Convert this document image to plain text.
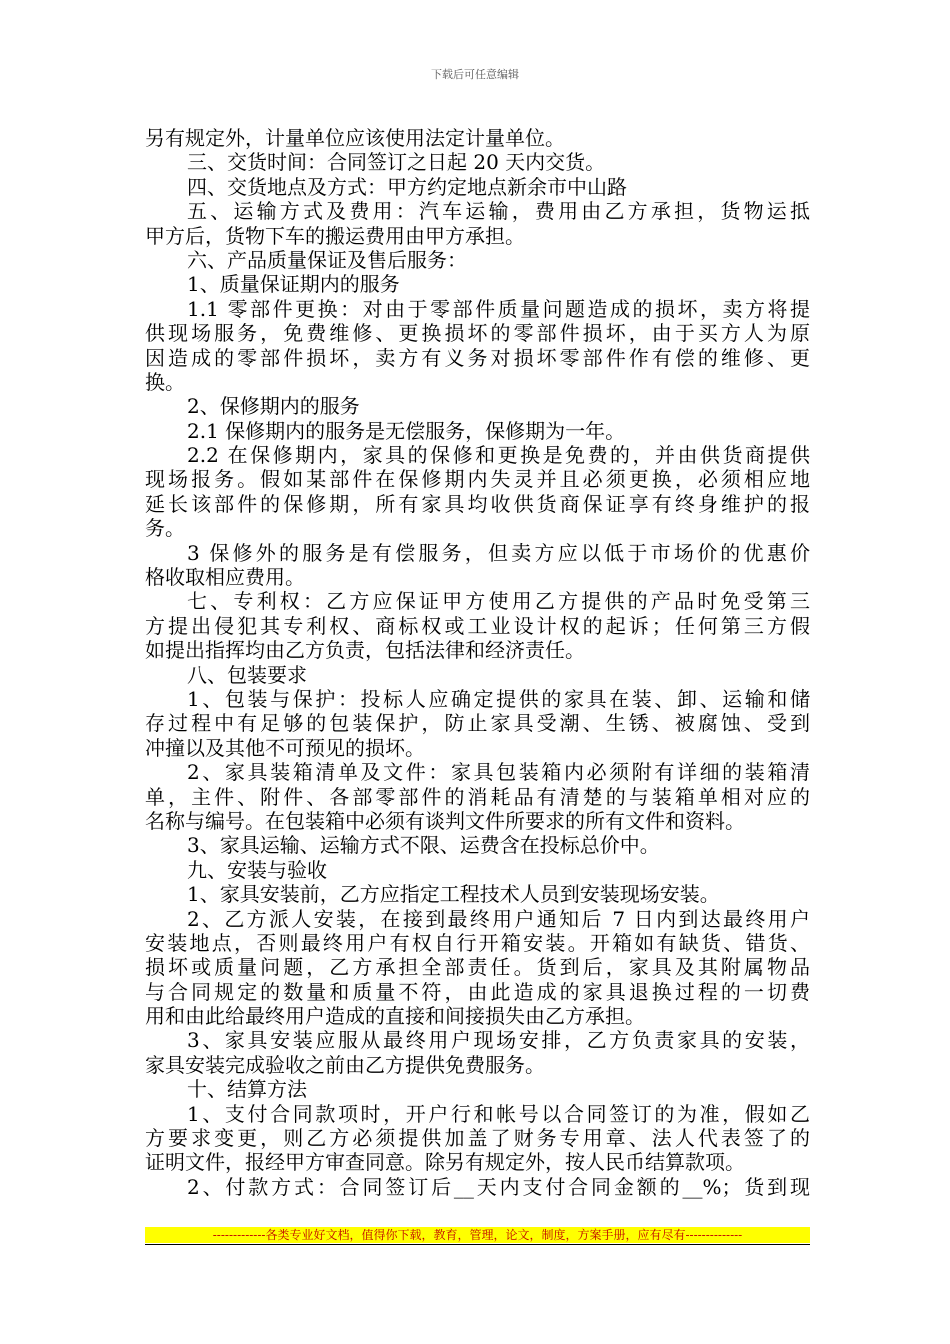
下载后可任意编辑
另有规定外，计量单位应该使用法定计量单位。
三、交货时间：合同签订之日起 20 天内交货。
四、交货地点及方式：甲方约定地点新余市中山路
五、运输方式及费用：汽车运输，费用由乙方承担，货物运抵
甲方后，货物下车的搬运费用由甲方承担。
六、产品质量保证及售后服务：
1、质量保证期内的服务
1.1 零部件更换：对由于零部件质量问题造成的损坏，卖方将提
供现场服务，免费维修、更换损坏的零部件损坏，由于买方人为原
因造成的零部件损坏，卖方有义务对损坏零部件作有偿的维修、更
换。
2、保修期内的服务
2.1 保修期内的服务是无偿服务，保修期为一年。
2.2 在保修期内，家具的保修和更换是免费的，并由供货商提供
现场报务。假如某部件在保修期内失灵并且必须更换，必须相应地
延长该部件的保修期，所有家具均收供货商保证享有终身维护的报
务。
3 保修外的服务是有偿服务，但卖方应以低于市场价的优惠价
格收取相应费用。
七、专利权：乙方应保证甲方使用乙方提供的产品时免受第三
方提出侵犯其专利权、商标权或工业设计权的起诉；任何第三方假
如提出指挥均由乙方负责，包括法律和经济责任。
八、包装要求
1、包装与保护：投标人应确定提供的家具在装、卸、运输和储
存过程中有足够的包装保护，防止家具受潮、生锈、被腐蚀、受到
冲撞以及其他不可预见的损坏。
2、家具装箱清单及文件：家具包装箱内必须附有详细的装箱清
单，主件、附件、各部零部件的消耗品有清楚的与装箱单相对应的
名称与编号。在包装箱中必须有谈判文件所要求的所有文件和资料。
3、家具运输、运输方式不限、运费含在投标总价中。
九、安装与验收
1、家具安装前，乙方应指定工程技术人员到安装现场安装。
2、乙方派人安装，在接到最终用户通知后 7 日内到达最终用户
安装地点，否则最终用户有权自行开箱安装。开箱如有缺货、错货、
损坏或质量问题，乙方承担全部责任。货到后，家具及其附属物品
与合同规定的数量和质量不符，由此造成的家具退换过程的一切费
用和由此给最终用户造成的直接和间接损失由乙方承担。
3、家具安装应服从最终用户现场安排，乙方负责家具的安装，
家具安装完成验收之前由乙方提供免费服务。
十、结算方法
1、支付合同款项时，开户行和帐号以合同签订的为准，假如乙
方要求变更，则乙方必须提供加盖了财务专用章、法人代表签了的
证明文件，报经甲方审查同意。除另有规定外，按人民币结算款项。
2、付款方式：合同签订后__天内支付合同金额的__%；货到现
-------------各类专业好文档，值得你下载，教育，管理，论文，制度，方案手册，应有尽有--------------
